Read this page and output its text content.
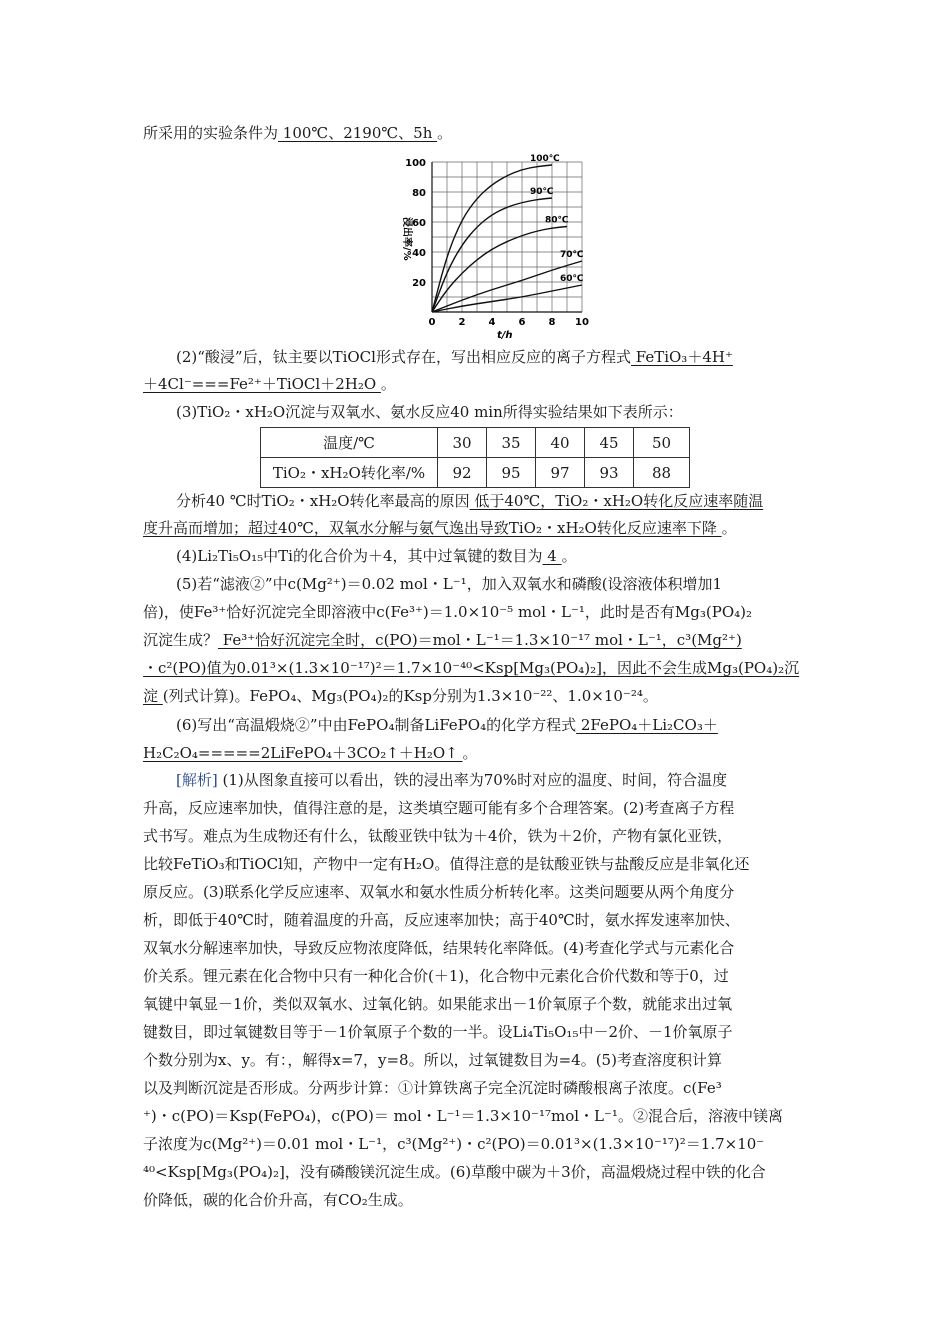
所采用的实验条件为 100℃、2190℃、5h 。
0 2 4 6 8 10
20
40
60
80
100
t/h
浸出率/%
100℃
90℃
80℃
70℃
60℃
(2)“酸浸”后，钛主要以TiOCl形式存在，写出相应反应的离子方程式 FeTiO₃＋4H⁺
＋4Cl⁻===Fe²⁺＋TiOCl＋2H₂O 。
(3)TiO₂・xH₂O沉淀与双氧水、氨水反应40 min所得实验结果如下表所示：
温度/℃	30	35	40	45	50
TiO₂・xH₂O转化率/%	92	95	97	93	88
分析40 ℃时TiO₂・xH₂O转化率最高的原因 低于40℃，TiO₂・xH₂O转化反应速率随温
度升高而增加；超过40℃，双氧水分解与氨气逸出导致TiO₂・xH₂O转化反应速率下降 。
(4)Li₂Ti₅O₁₅中Ti的化合价为＋4，其中过氧键的数目为 4 。
(5)若“滤液②”中c(Mg²⁺)＝0.02 mol・L⁻¹，加入双氧水和磷酸(设溶液体积增加1
倍)，使Fe³⁺恰好沉淀完全即溶液中c(Fe³⁺)＝1.0×10⁻⁵ mol・L⁻¹，此时是否有Mg₃(PO₄)₂
沉淀生成？ Fe³⁺恰好沉淀完全时，c(PO)＝mol・L⁻¹＝1.3×10⁻¹⁷ mol・L⁻¹，c³(Mg²⁺)
・c²(PO)值为0.01³×(1.3×10⁻¹⁷)²＝1.7×10⁻⁴⁰<Ksp[Mg₃(PO₄)₂]，因此不会生成Mg₃(PO₄)₂沉
淀 (列式计算)。FePO₄、Mg₃(PO₄)₂的Ksp分别为1.3×10⁻²²、1.0×10⁻²⁴。
(6)写出“高温煅烧②”中由FePO₄制备LiFePO₄的化学方程式 2FePO₄＋Li₂CO₃＋
H₂C₂O₄=====2LiFePO₄＋3CO₂↑＋H₂O↑ 。
[解析] (1)从图象直接可以看出，铁的浸出率为70%时对应的温度、时间，符合温度
升高，反应速率加快，值得注意的是，这类填空题可能有多个合理答案。(2)考查离子方程
式书写。难点为生成物还有什么，钛酸亚铁中钛为＋4价，铁为＋2价，产物有氯化亚铁，
比较FeTiO₃和TiOCl知，产物中一定有H₂O。值得注意的是钛酸亚铁与盐酸反应是非氧化还
原反应。(3)联系化学反应速率、双氧水和氨水性质分析转化率。这类问题要从两个角度分
析，即低于40℃时，随着温度的升高，反应速率加快；高于40℃时，氨水挥发速率加快、
双氧水分解速率加快，导致反应物浓度降低，结果转化率降低。(4)考查化学式与元素化合
价关系。锂元素在化合物中只有一种化合价(＋1)，化合物中元素化合价代数和等于0，过
氧键中氧显－1价，类似双氧水、过氧化钠。如果能求出－1价氧原子个数，就能求出过氧
键数目，即过氧键数目等于－1价氧原子个数的一半。设Li₄Ti₅O₁₅中－2价、－1价氧原子
个数分别为x、y。有：，解得x=7，y=8。所以，过氧键数目为=4。(5)考查溶度积计算
以及判断沉淀是否形成。分两步计算：①计算铁离子完全沉淀时磷酸根离子浓度。c(Fe³
⁺)・c(PO)＝Ksp(FePO₄)，c(PO)＝ mol・L⁻¹＝1.3×10⁻¹⁷mol・L⁻¹。②混合后，溶液中镁离
子浓度为c(Mg²⁺)＝0.01 mol・L⁻¹，c³(Mg²⁺)・c²(PO)＝0.01³×(1.3×10⁻¹⁷)²＝1.7×10⁻
⁴⁰<Ksp[Mg₃(PO₄)₂]，没有磷酸镁沉淀生成。(6)草酸中碳为＋3价，高温煅烧过程中铁的化合
价降低，碳的化合价升高，有CO₂生成。
